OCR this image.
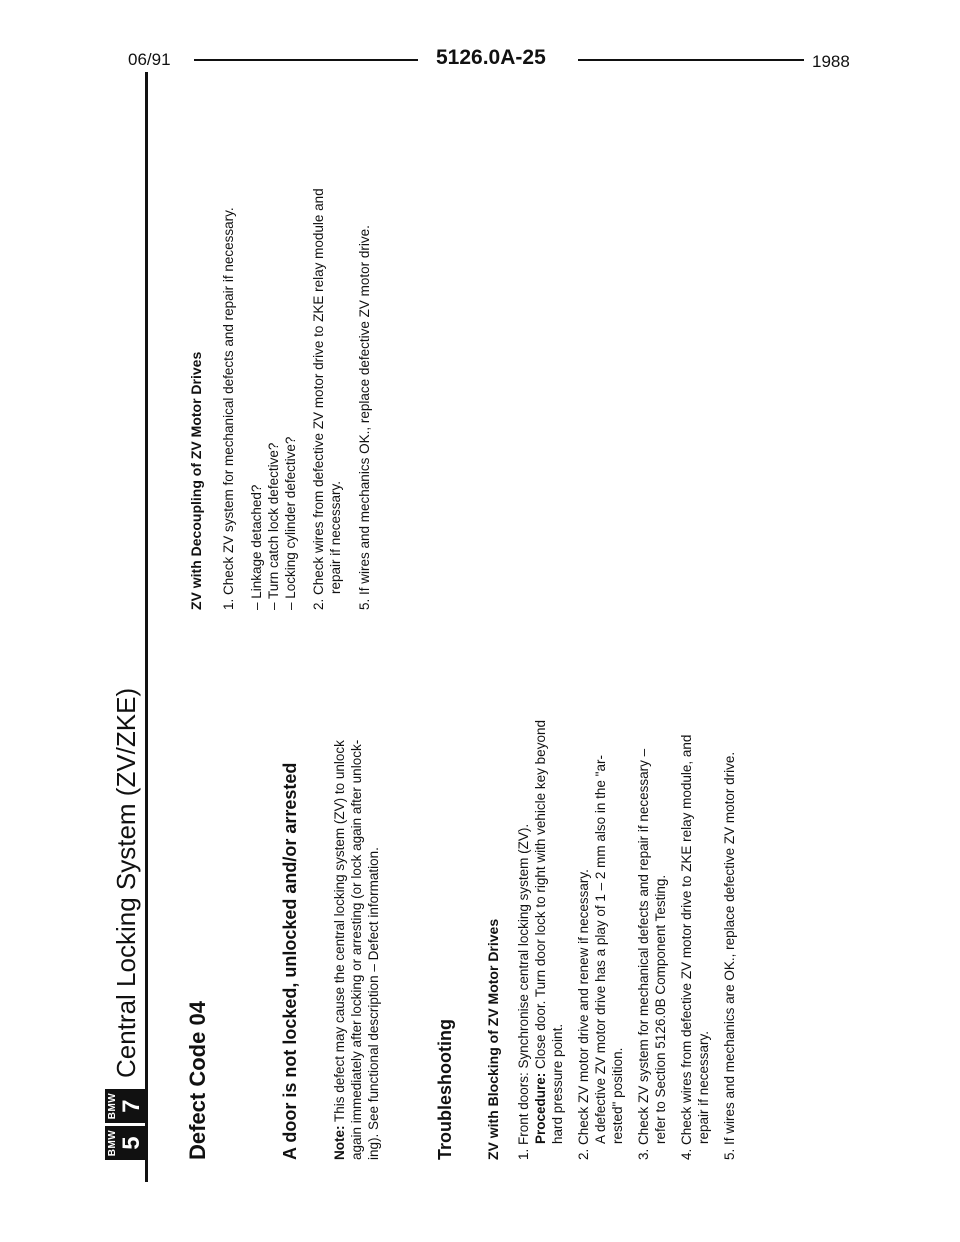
06/91	5126.0A-25	1988
BMW 5
BMW 7
Central Locking System (ZV/ZKE)
Defect Code 04	A door is not locked, unlocked and/or arrested Note: This defect may cause the central locking system (ZV) to unlock again immediately after locking or arresting (or lock again after unlock- ing). See functional description – Defect information.	Troubleshooting ZV with Blocking of ZV Motor Drives 1. Front doors: Synchronise central locking system (ZV). Procedure: Close door. Turn door lock to right with vehicle key beyond
hard pressure point. 2. Check ZV motor drive and renew if necessary. A defective ZV motor drive has a play of 1 – 2 mm also in the "ar- rested" position. 3. Check ZV system for mechanical defects and repair if necessary – refer to Section 5126.0B Component Testing. 4. Check wires from defective ZV motor drive to ZKE relay module, and repair if necessary. 5. If wires and mechanics are OK., replace defective ZV motor drive.
ZV with Decoupling of ZV Motor Drives 1. Check ZV system for mechanical defects and repair if necessary. – Linkage detached? – Turn catch lock defective? – Locking cylinder defective? 2. Check wires from defective ZV motor drive to ZKE relay module and repair if necessary. 5. If wires and mechanics OK., replace defective ZV motor drive.
